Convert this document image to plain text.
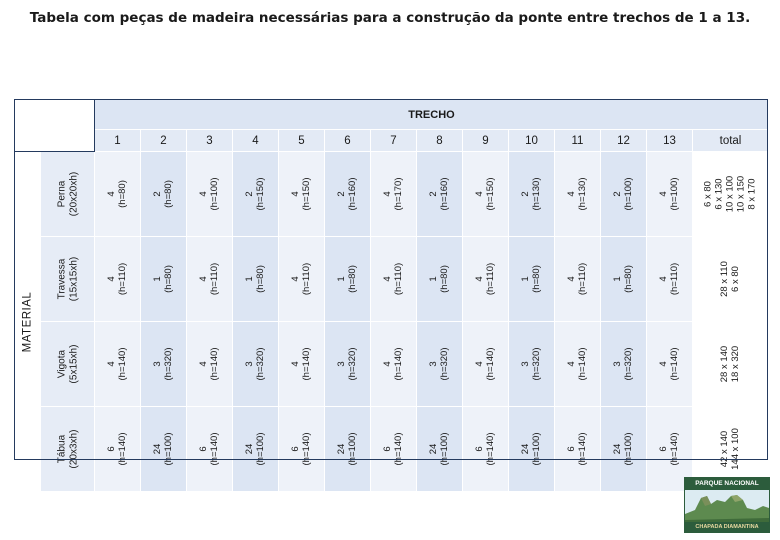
Tabela com peças de madeira necessárias para a construção da ponte entre trechos de 1 a 13.
		TRECHO													
		1	2	3	4	5	6	7	8	9	10	11	12	13	total

MATERIAL	Perna (20x20xh)	4 (h=80)	2 (h=80)	4 (h=100)	2 (h=150)	4 (h=150)	2 (h=160)	4 (h=170)	2 (h=160)	4 (h=150)	2 (h=130)	4 (h=130)	2 (h=100)	4 (h=100)	6 x 80 6 x 130 10 x 100 10 x 150 8 x 170

	Travessa (15x15xh)	4 (h=110)	1 (h=80)	4 (h=110)	1 (h=80)	4 (h=110)	1 (h=80)	4 (h=110)	1 (h=80)	4 (h=110)	1 (h=80)	4 (h=110)	1 (h=80)	4 (h=110)	28 x 110 6 x 80

	Vigota (5x15xh)	4 (h=140)	3 (h=320)	4 (h=140)	3 (h=320)	4 (h=140)	3 (h=320)	4 (h=140)	3 (h=320)	4 (h=140)	3 (h=320)	4 (h=140)	3 (h=320)	4 (h=140)	28 x 140 18 x 320

	Tábua (20x3xh)	6 (h=140)	24 (h=100)	6 (h=140)	24 (h=100)	6 (h=140)	24 (h=100)	6 (h=140)	24 (h=100)	6 (h=140)	24 (h=100)	6 (h=140)	24 (h=100)	6 (h=140)	42 x 140 144 x 100
PARQUE NACIONAL
CHAPADA DIAMANTINA
